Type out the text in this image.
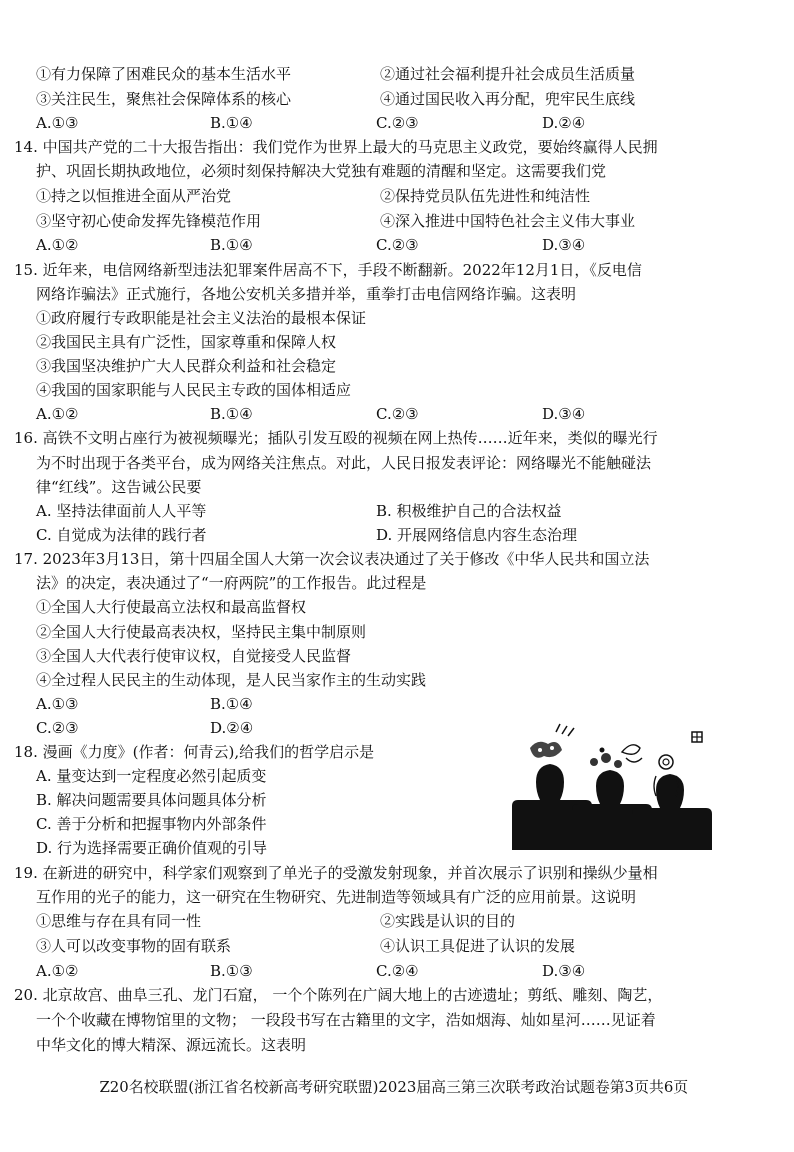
①有力保障了困难民众的基本生活水平	②通过社会福利提升社会成员生活质量
③关注民生，聚焦社会保障体系的核心	④通过国民收入再分配，兜牢民生底线
A.①③	B.①④	C.②③	D.②④
14. 中国共产党的二十大报告指出：我们党作为世界上最大的马克思主义政党，要始终赢得人民拥
护、巩固长期执政地位，必须时刻保持解决大党独有难题的清醒和坚定。这需要我们党
①持之以恒推进全面从严治党	②保持党员队伍先进性和纯洁性
③坚守初心使命发挥先锋模范作用	④深入推进中国特色社会主义伟大事业
A.①②	B.①④	C.②③	D.③④
15. 近年来，电信网络新型违法犯罪案件居高不下，手段不断翻新。2022年12月1日，《反电信
网络诈骗法》正式施行，各地公安机关多措并举，重拳打击电信网络诈骗。这表明
①政府履行专政职能是社会主义法治的最根本保证
②我国民主具有广泛性，国家尊重和保障人权
③我国坚决维护广大人民群众利益和社会稳定
④我国的国家职能与人民民主专政的国体相适应
A.①②	B.①④	C.②③	D.③④
16. 高铁不文明占座行为被视频曝光；插队引发互殴的视频在网上热传……近年来，类似的曝光行
为不时出现于各类平台，成为网络关注焦点。对此，人民日报发表评论：网络曝光不能触碰法
律“红线”。这告诫公民要
A. 坚持法律面前人人平等	B. 积极维护自己的合法权益
C. 自觉成为法律的践行者	D. 开展网络信息内容生态治理
17. 2023年3月13日，第十四届全国人大第一次会议表决通过了关于修改《中华人民共和国立法
法》的决定，表决通过了“一府两院”的工作报告。此过程是
①全国人大行使最高立法权和最高监督权
②全国人大行使最高表决权，坚持民主集中制原则
③全国人大代表行使审议权，自觉接受人民监督
④全过程人民民主的生动体现，是人民当家作主的生动实践
A.①③	B.①④
C.②③	D.②④
18. 漫画《力度》(作者：何青云),给我们的哲学启示是
A. 量变达到一定程度必然引起质变
B. 解决问题需要具体问题具体分析
C. 善于分析和把握事物内外部条件
D. 行为选择需要正确价值观的引导
19. 在新进的研究中，科学家们观察到了单光子的受激发射现象，并首次展示了识别和操纵少量相
互作用的光子的能力，这一研究在生物研究、先进制造等领域具有广泛的应用前景。这说明
①思维与存在具有同一性	②实践是认识的目的
③人可以改变事物的固有联系	④认识工具促进了认识的发展
A.①②	B.①③	C.②④	D.③④
20. 北京故宫、曲阜三孔、龙门石窟， 一个个陈列在广阔大地上的古迹遗址；剪纸、雕刻、陶艺，
一个个收藏在博物馆里的文物； 一段段书写在古籍里的文字，浩如烟海、灿如星河……见证着
中华文化的博大精深、源远流长。这表明
Z20名校联盟(浙江省名校新高考研究联盟)2023届高三第三次联考政治试题卷第3页共6页
